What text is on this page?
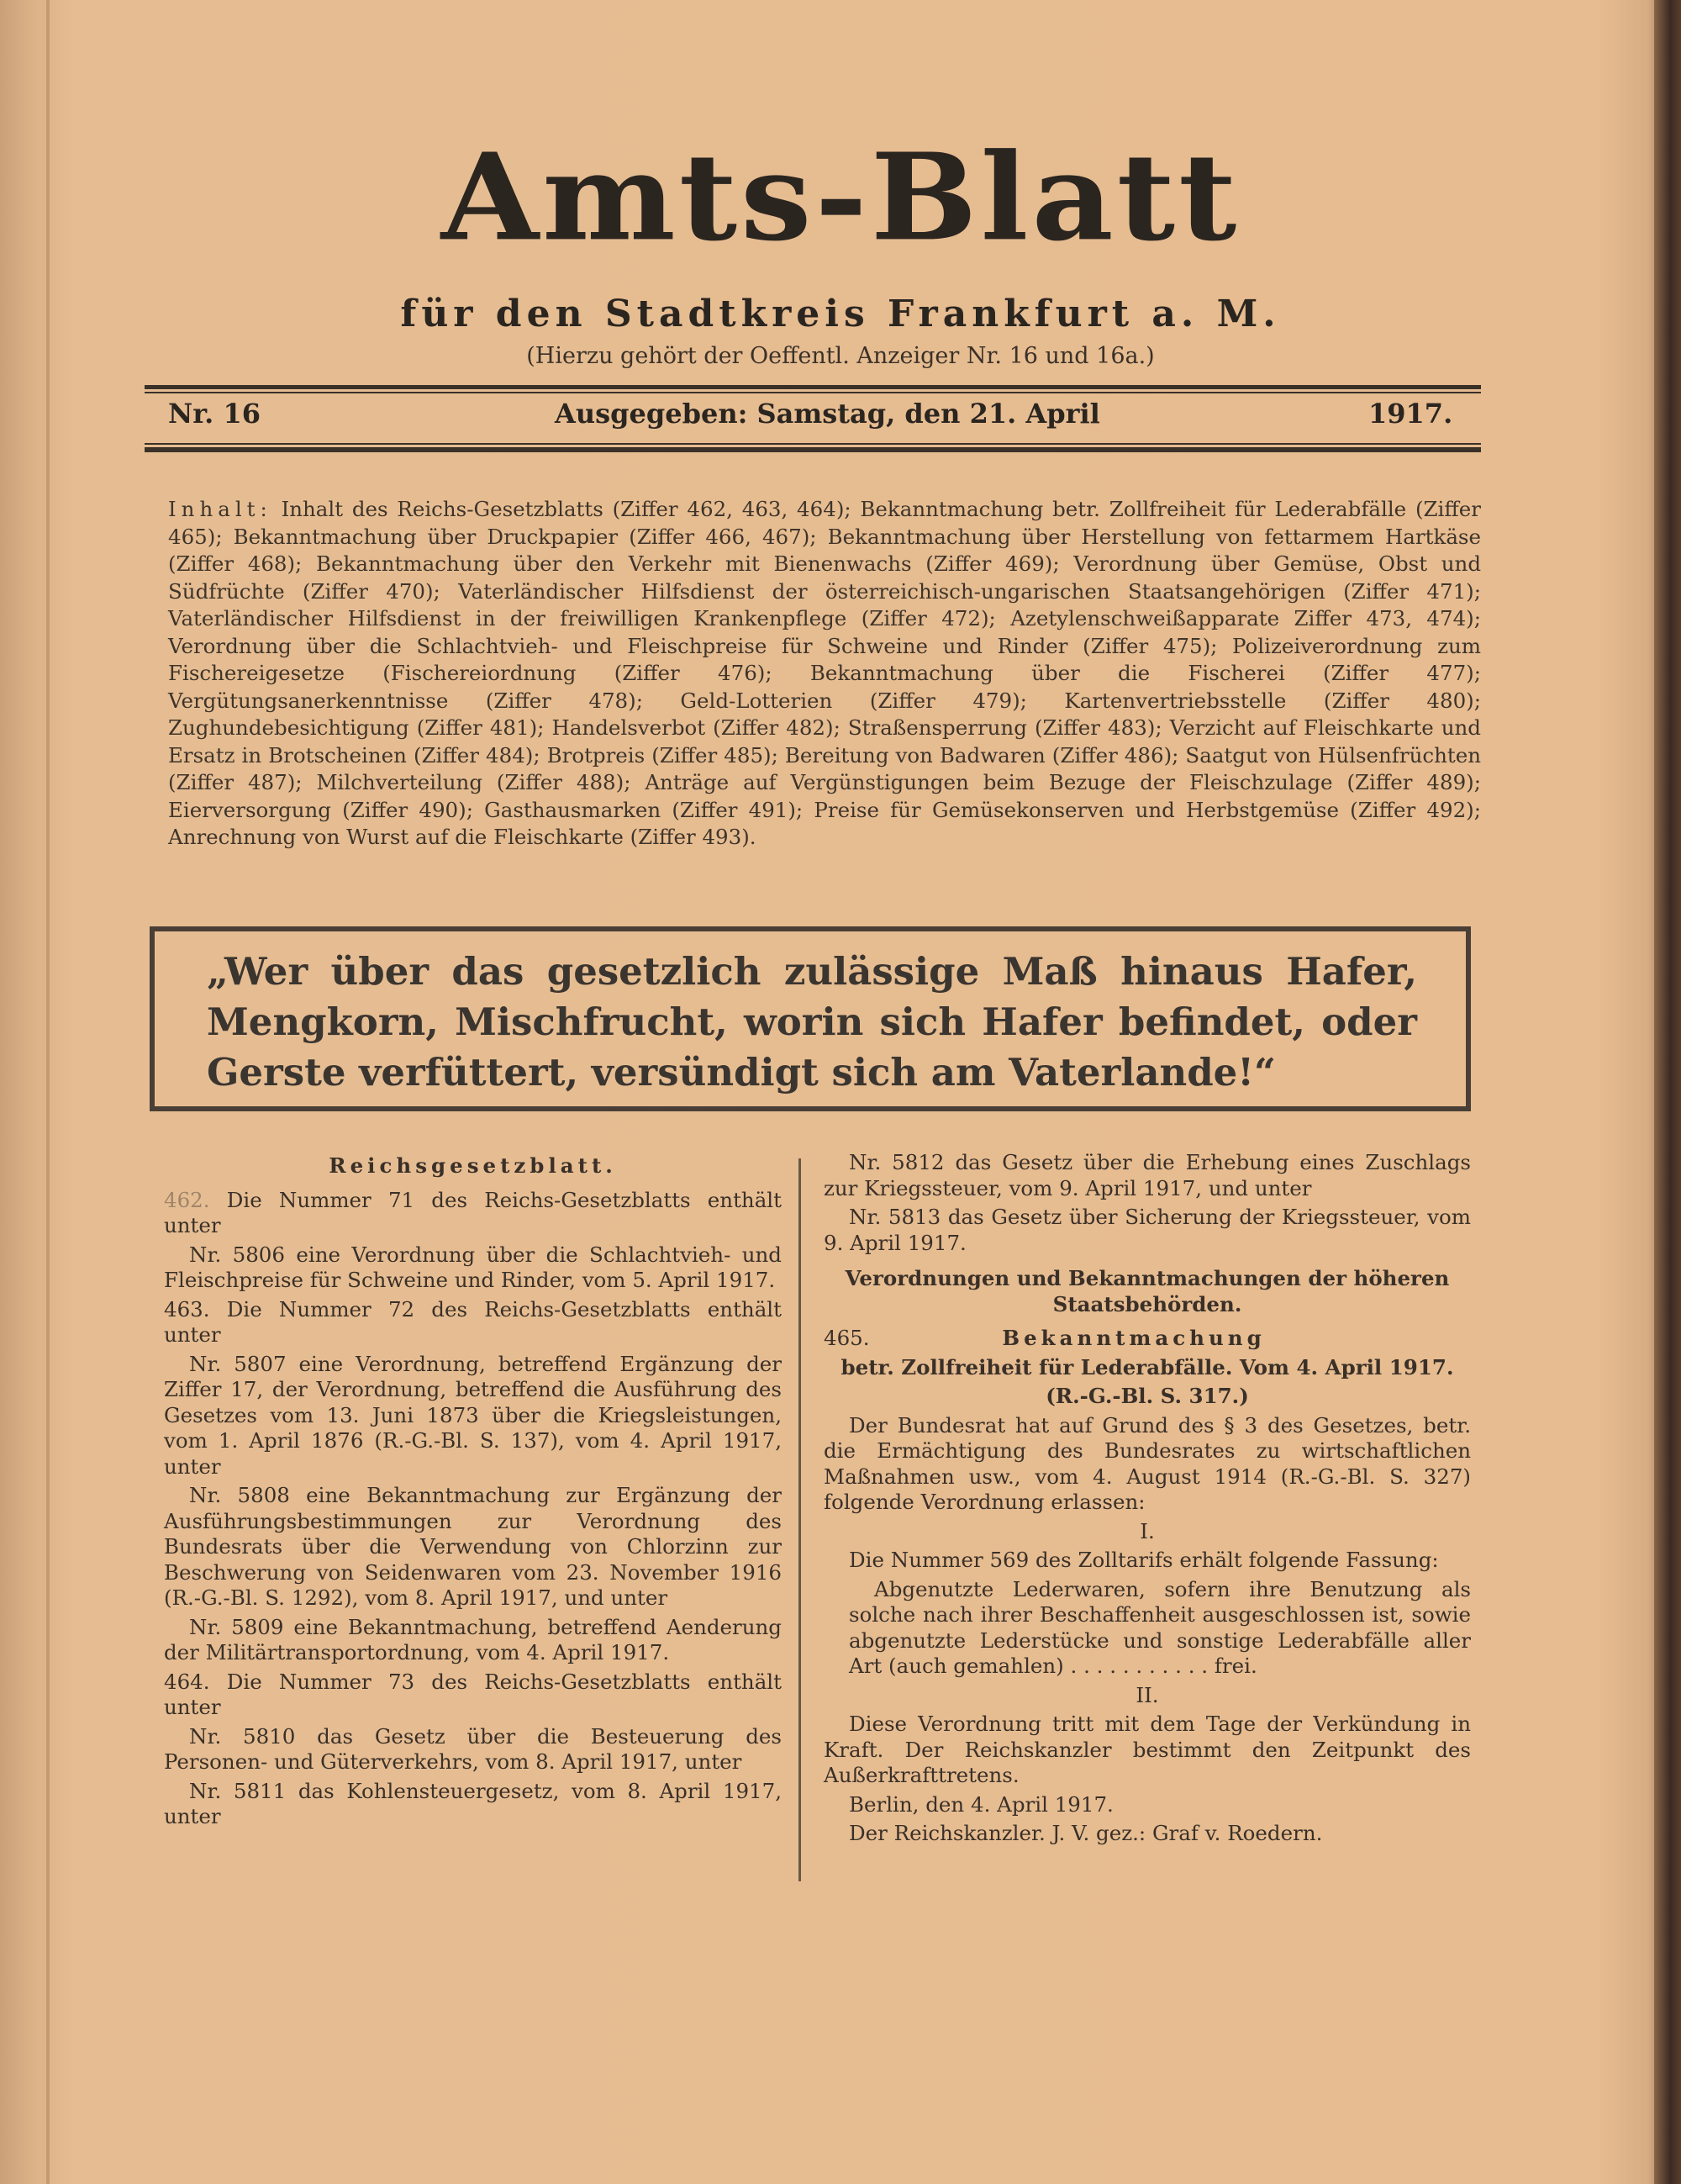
Amts-Blatt
für den Stadtkreis Frankfurt a. M.
(Hierzu gehört der Oeffentl. Anzeiger Nr. 16 und 16a.)
Nr. 16	Ausgegeben: Samstag, den 21. April	1917.
Inhalt: Inhalt des Reichs-Gesetzblatts (Ziffer 462, 463, 464); Bekanntmachung betr. Zollfreiheit für Lederabfälle (Ziffer 465); Bekanntmachung über Druckpapier (Ziffer 466, 467); Bekanntmachung über Herstellung von fettarmem Hartkäse (Ziffer 468); Bekanntmachung über den Verkehr mit Bienenwachs (Ziffer 469); Verordnung über Gemüse, Obst und Südfrüchte (Ziffer 470); Vaterländischer Hilfsdienst der österreichisch-ungarischen Staatsangehörigen (Ziffer 471); Vaterländischer Hilfsdienst in der freiwilligen Krankenpflege (Ziffer 472); Azetylenschweißapparate Ziffer 473, 474); Verordnung über die Schlachtvieh- und Fleischpreise für Schweine und Rinder (Ziffer 475); Polizeiverordnung zum Fischereigesetze (Fischereiordnung (Ziffer 476); Bekanntmachung über die Fischerei (Ziffer 477); Vergütungsanerkenntnisse (Ziffer 478); Geld-Lotterien (Ziffer 479); Kartenvertriebsstelle (Ziffer 480); Zughundebesichtigung (Ziffer 481); Handelsverbot (Ziffer 482); Straßensperrung (Ziffer 483); Verzicht auf Fleischkarte und Ersatz in Brotscheinen (Ziffer 484); Brotpreis (Ziffer 485); Bereitung von Badwaren (Ziffer 486); Saatgut von Hülsenfrüchten (Ziffer 487); Milchverteilung (Ziffer 488); Anträge auf Vergünstigungen beim Bezuge der Fleischzulage (Ziffer 489); Eierversorgung (Ziffer 490); Gasthausmarken (Ziffer 491); Preise für Gemüsekonserven und Herbstgemüse (Ziffer 492); Anrechnung von Wurst auf die Fleischkarte (Ziffer 493).
„Wer über das gesetzlich zulässige Maß hinaus Hafer, Mengkorn, Mischfrucht, worin sich Hafer befindet, oder Gerste verfüttert, versündigt sich am Vaterlande!“

Reichsgesetzblatt.

462. Die Nummer 71 des Reichs-Gesetzblatts enthält unter

Nr. 5806 eine Verordnung über die Schlachtvieh- und Fleischpreise für Schweine und Rinder, vom 5. April 1917.

463. Die Nummer 72 des Reichs-Gesetzblatts enthält unter

Nr. 5807 eine Verordnung, betreffend Ergänzung der Ziffer 17, der Verordnung, betreffend die Ausführung des Gesetzes vom 13. Juni 1873 über die Kriegsleistungen, vom 1. April 1876 (R.-G.-Bl. S. 137), vom 4. April 1917, unter

Nr. 5808 eine Bekanntmachung zur Ergänzung der Ausführungsbestimmungen zur Verordnung des Bundesrats über die Verwendung von Chlorzinn zur Beschwerung von Seidenwaren vom 23. November 1916 (R.-G.-Bl. S. 1292), vom 8. April 1917, und unter

Nr. 5809 eine Bekanntmachung, betreffend Aenderung der Militärtransportordnung, vom 4. April 1917.

464. Die Nummer 73 des Reichs-Gesetzblatts enthält unter

Nr. 5810 das Gesetz über die Besteuerung des Personen- und Güterverkehrs, vom 8. April 1917, unter

Nr. 5811 das Kohlensteuergesetz, vom 8. April 1917, unter

Nr. 5812 das Gesetz über die Erhebung eines Zuschlags zur Kriegssteuer, vom 9. April 1917, und unter

Nr. 5813 das Gesetz über Sicherung der Kriegssteuer, vom 9. April 1917.

Verordnungen und Bekanntmachungen der höheren Staatsbehörden.

465.	Bekanntmachung

betr. Zollfreiheit für Lederabfälle. Vom 4. April 1917.

(R.-G.-Bl. S. 317.)

Der Bundesrat hat auf Grund des § 3 des Gesetzes, betr. die Ermächtigung des Bundesrates zu wirtschaftlichen Maßnahmen usw., vom 4. August 1914 (R.-G.-Bl. S. 327) folgende Verordnung erlassen:

I.

Die Nummer 569 des Zolltarifs erhält folgende Fassung:

Abgenutzte Lederwaren, sofern ihre Benutzung als solche nach ihrer Beschaffenheit ausgeschlossen ist, sowie abgenutzte Lederstücke und sonstige Lederabfälle aller Art (auch gemahlen) . . . . . . . . . . . frei.

II.

Diese Verordnung tritt mit dem Tage der Verkündung in Kraft. Der Reichskanzler bestimmt den Zeitpunkt des Außerkrafttretens.

Berlin, den 4. April 1917.

Der Reichskanzler. J. V. gez.: Graf v. Roedern.
